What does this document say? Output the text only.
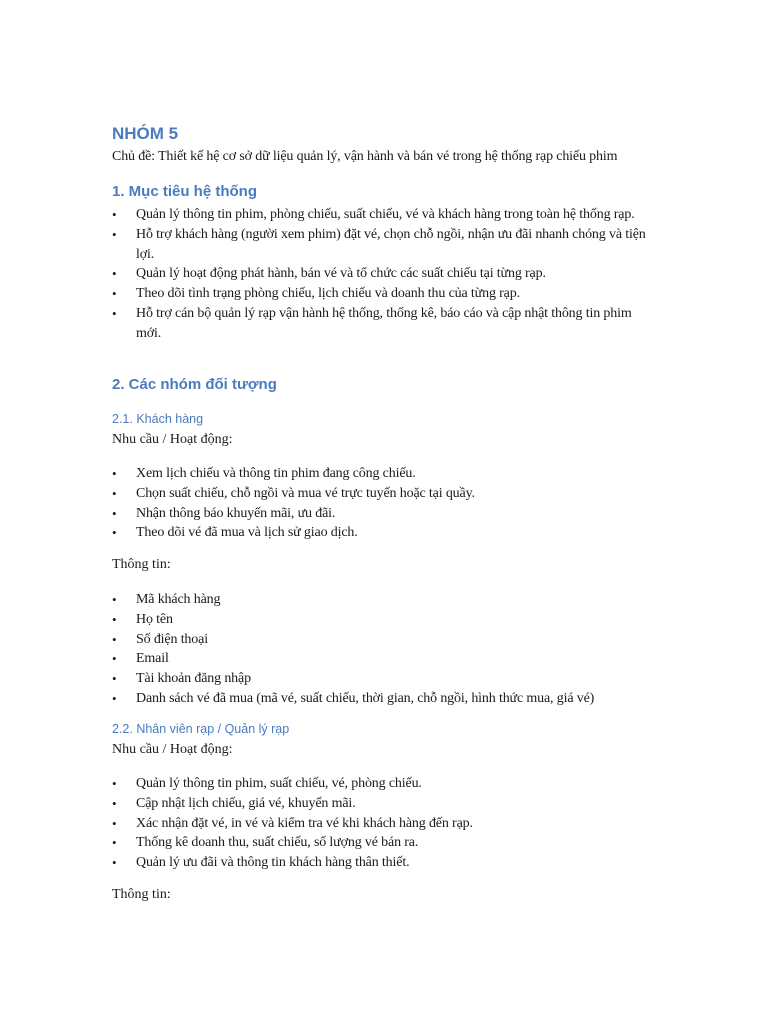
NHÓM 5
Chủ đề: Thiết kế hệ cơ sở dữ liệu quản lý, vận hành và bán vé trong hệ thống rạp chiếu phim
1. Mục tiêu hệ thống
• Quản lý thông tin phim, phòng chiếu, suất chiếu, vé và khách hàng trong toàn hệ thống rạp.
• Hỗ trợ khách hàng (người xem phim) đặt vé, chọn chỗ ngồi, nhận ưu đãi nhanh chóng và tiện lợi.
• Quản lý hoạt động phát hành, bán vé và tổ chức các suất chiếu tại từng rạp.
• Theo dõi tình trạng phòng chiếu, lịch chiếu và doanh thu của từng rạp.
• Hỗ trợ cán bộ quản lý rạp vận hành hệ thống, thống kê, báo cáo và cập nhật thông tin phim mới.
2. Các nhóm đối tượng
2.1. Khách hàng
Nhu cầu / Hoạt động:
• Xem lịch chiếu và thông tin phim đang công chiếu.
• Chọn suất chiếu, chỗ ngồi và mua vé trực tuyến hoặc tại quầy.
• Nhận thông báo khuyến mãi, ưu đãi.
• Theo dõi vé đã mua và lịch sử giao dịch.
Thông tin:
• Mã khách hàng
• Họ tên
• Số điện thoại
• Email
• Tài khoản đăng nhập
• Danh sách vé đã mua (mã vé, suất chiếu, thời gian, chỗ ngồi, hình thức mua, giá vé)
2.2. Nhân viên rạp / Quản lý rạp
Nhu cầu / Hoạt động:
• Quản lý thông tin phim, suất chiếu, vé, phòng chiếu.
• Cập nhật lịch chiếu, giá vé, khuyến mãi.
• Xác nhận đặt vé, in vé và kiểm tra vé khi khách hàng đến rạp.
• Thống kê doanh thu, suất chiếu, số lượng vé bán ra.
• Quản lý ưu đãi và thông tin khách hàng thân thiết.
Thông tin:
